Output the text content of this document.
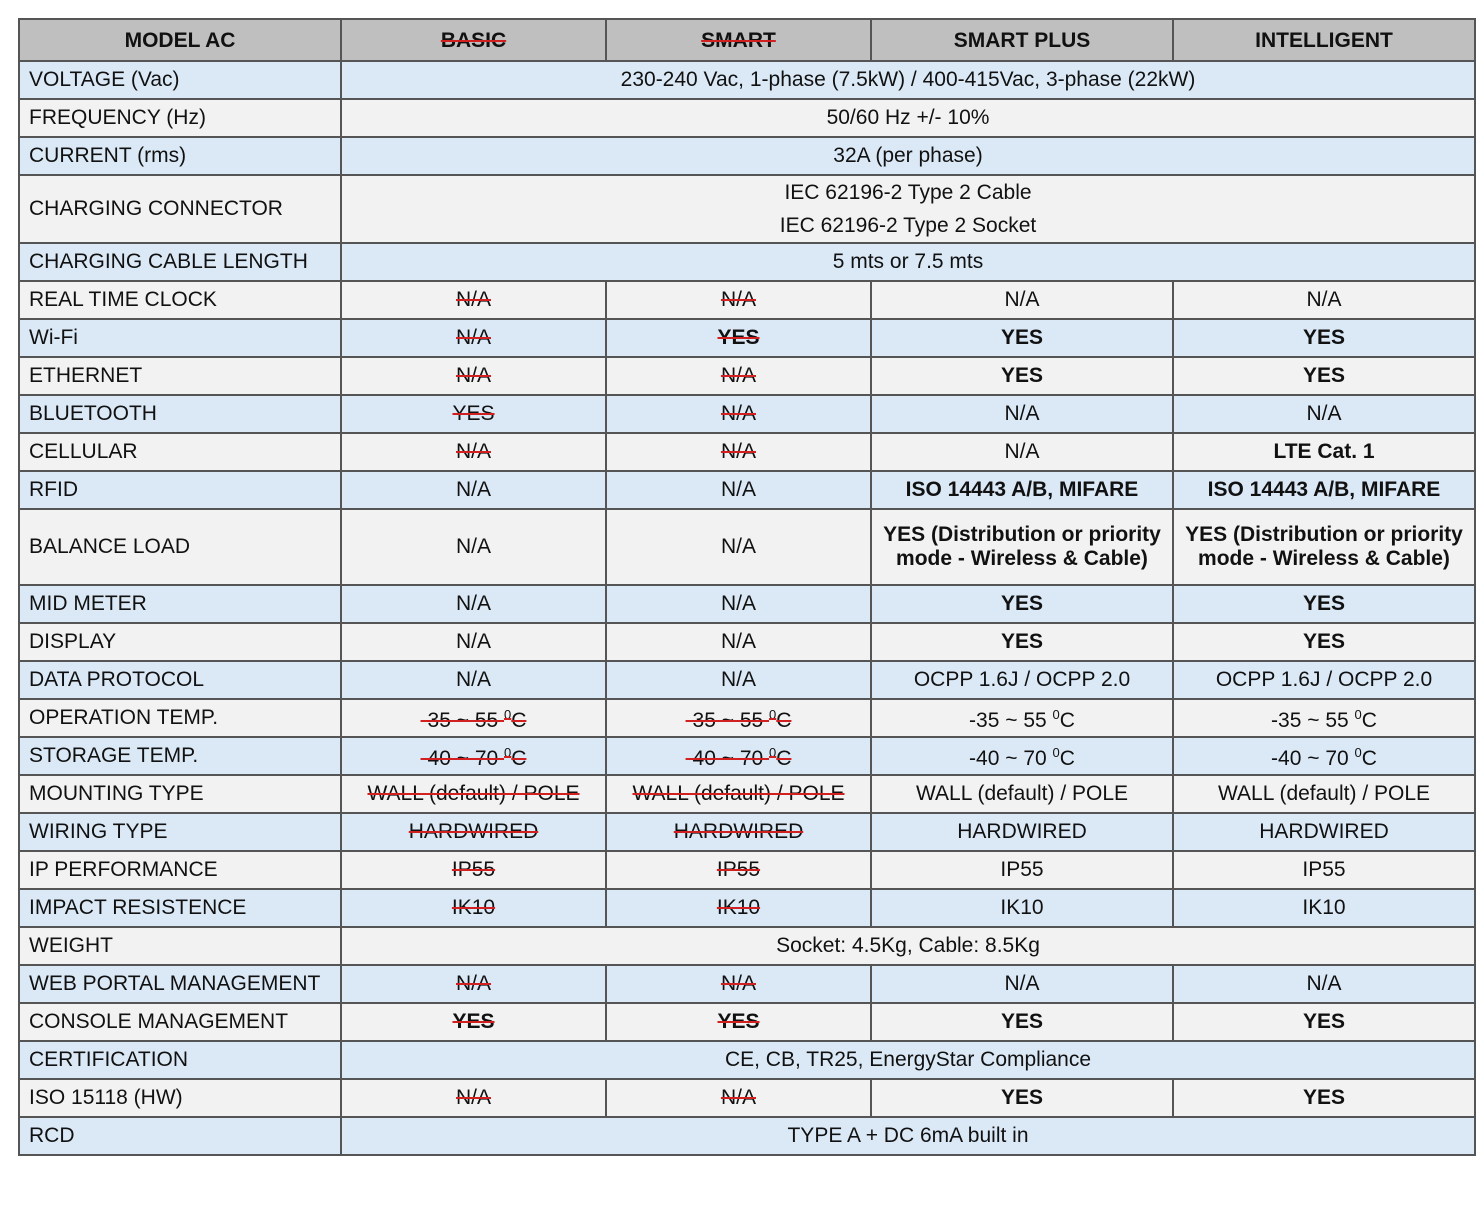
MODEL AC	BASIC	SMART	SMART PLUS	INTELLIGENT
VOLTAGE (Vac)	230-240 Vac, 1-phase (7.5kW) / 400-415Vac, 3-phase (22kW)			
FREQUENCY (Hz)	50/60 Hz +/- 10%			
CURRENT (rms)	32A (per phase)			
CHARGING CONNECTOR	IEC 62196-2 Type 2 Cable
IEC 62196-2 Type 2 Socket			

CHARGING CABLE LENGTH	5 mts or 7.5 mts			
REAL TIME CLOCK	N/A	N/A	N/A	N/A
Wi-Fi	N/A	YES	YES	YES
ETHERNET	N/A	N/A	YES	YES
BLUETOOTH	YES	N/A	N/A	N/A
CELLULAR	N/A	N/A	N/A	LTE Cat. 1
RFID	N/A	N/A	ISO 14443 A/B, MIFARE	ISO 14443 A/B, MIFARE
BALANCE LOAD	N/A	N/A	YES (Distribution or priority mode - Wireless & Cable)	YES (Distribution or priority mode - Wireless & Cable)
MID METER	N/A	N/A	YES	YES
DISPLAY	N/A	N/A	YES	YES
DATA PROTOCOL	N/A	N/A	OCPP 1.6J / OCPP 2.0	OCPP 1.6J / OCPP 2.0
OPERATION TEMP.	-35 ~ 55 $^0$C	-35 ~ 55 $^0$C	-35 ~ 55 $^0$C	-35 ~ 55 $^0$C
STORAGE TEMP.	-40 ~ 70 $^0$C	-40 ~ 70 $^0$C	-40 ~ 70 $^0$C	-40 ~ 70 $^0$C
MOUNTING TYPE	WALL (default) / POLE	WALL (default) / POLE	WALL (default) / POLE	WALL (default) / POLE
WIRING TYPE	HARDWIRED	HARDWIRED	HARDWIRED	HARDWIRED
IP PERFORMANCE	IP55	IP55	IP55	IP55
IMPACT RESISTENCE	IK10	IK10	IK10	IK10
WEIGHT	Socket: 4.5Kg, Cable: 8.5Kg			
WEB PORTAL MANAGEMENT	N/A	N/A	N/A	N/A
CONSOLE MANAGEMENT	YES	YES	YES	YES
CERTIFICATION	CE, CB, TR25, EnergyStar Compliance			
ISO 15118 (HW)	N/A	N/A	YES	YES
RCD	TYPE A + DC 6mA built in			
